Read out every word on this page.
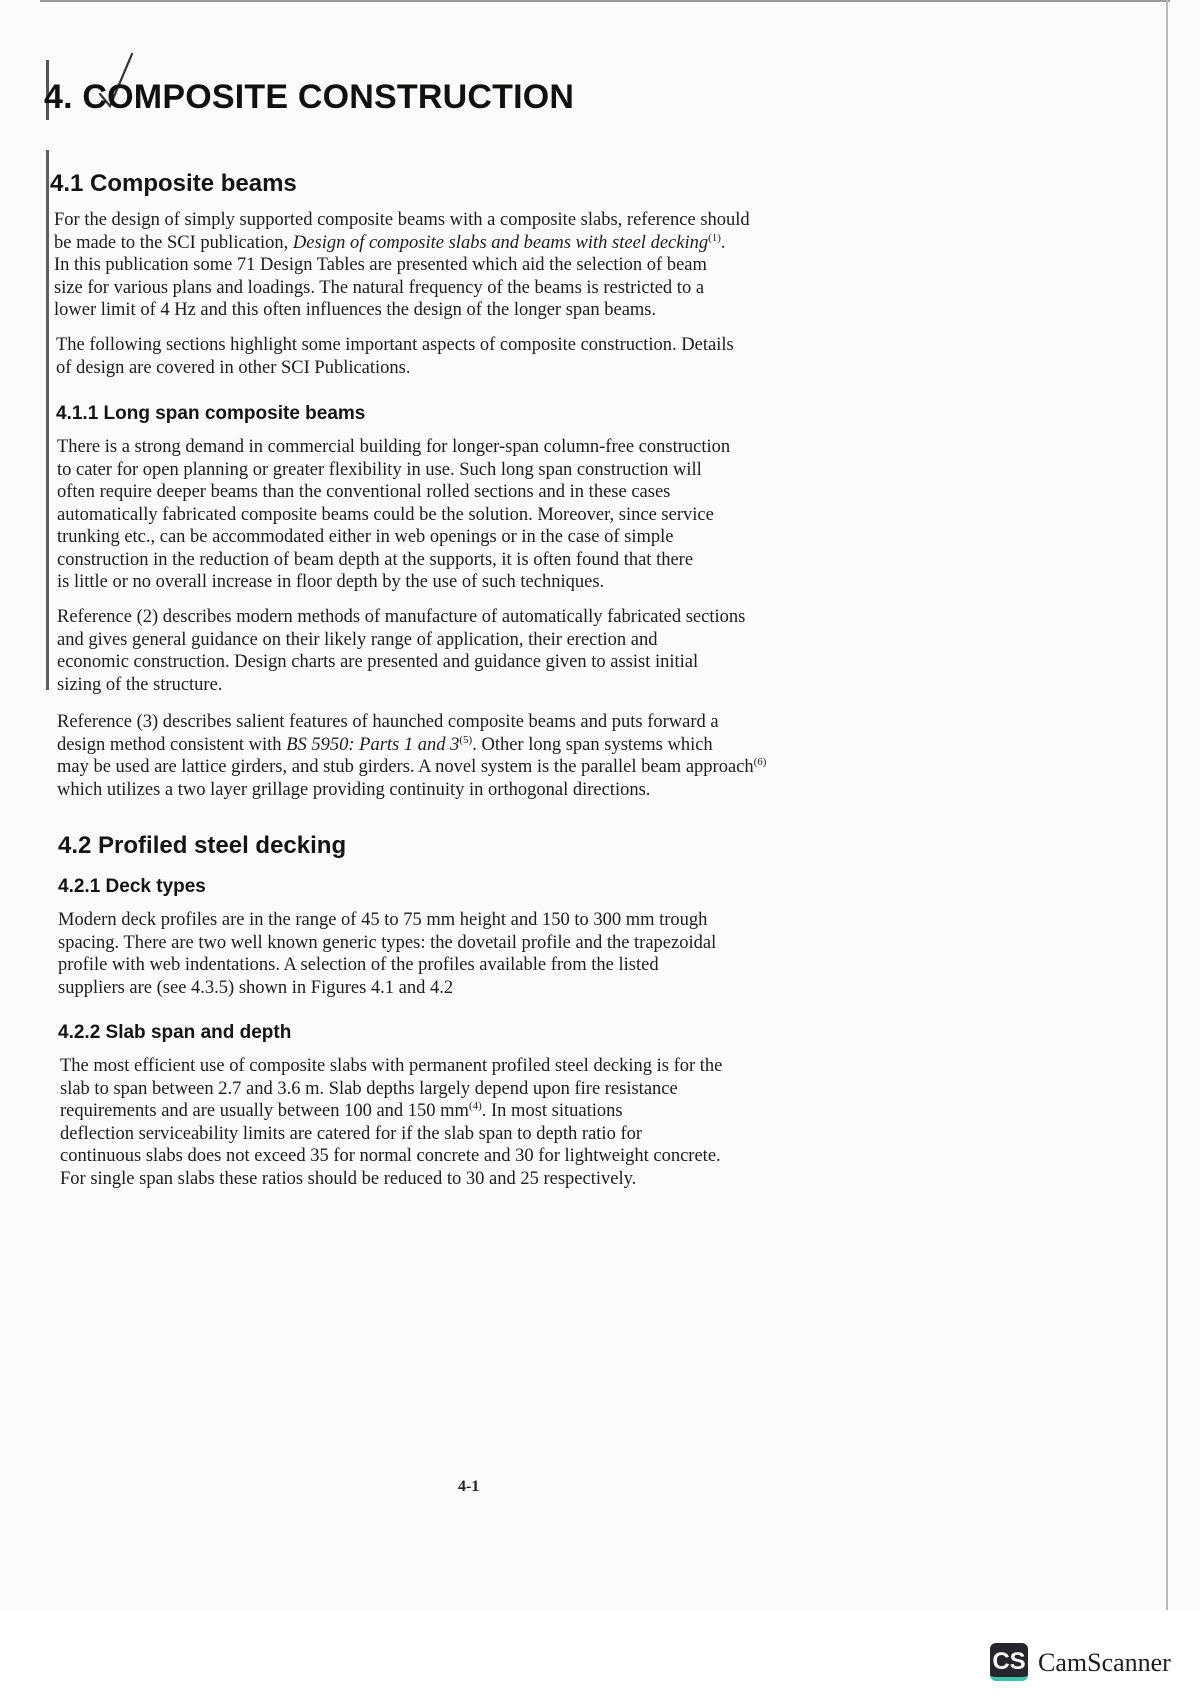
4. COMPOSITE CONSTRUCTION
4.1 Composite beams
For the design of simply supported composite beams with a composite slabs, reference should
be made to the SCI publication, Design of composite slabs and beams with steel decking$^{(1)}$.
In this publication some 71 Design Tables are presented which aid the selection of beam
size for various plans and loadings. The natural frequency of the beams is restricted to a
lower limit of 4 Hz and this often influences the design of the longer span beams.
The following sections highlight some important aspects of composite construction. Details
of design are covered in other SCI Publications.
4.1.1 Long span composite beams
There is a strong demand in commercial building for longer-span column-free construction
to cater for open planning or greater flexibility in use. Such long span construction will
often require deeper beams than the conventional rolled sections and in these cases
automatically fabricated composite beams could be the solution. Moreover, since service
trunking etc., can be accommodated either in web openings or in the case of simple
construction in the reduction of beam depth at the supports, it is often found that there
is little or no overall increase in floor depth by the use of such techniques.
Reference (2) describes modern methods of manufacture of automatically fabricated sections
and gives general guidance on their likely range of application, their erection and
economic construction. Design charts are presented and guidance given to assist initial
sizing of the structure.
Reference (3) describes salient features of haunched composite beams and puts forward a
design method consistent with BS 5950: Parts 1 and 3$^{(5)}$. Other long span systems which
may be used are lattice girders, and stub girders. A novel system is the parallel beam approach$^{(6)}$
which utilizes a two layer grillage providing continuity in orthogonal directions.
4.2 Profiled steel decking
4.2.1 Deck types
Modern deck profiles are in the range of 45 to 75 mm height and 150 to 300 mm trough
spacing. There are two well known generic types: the dovetail profile and the trapezoidal
profile with web indentations. A selection of the profiles available from the listed
suppliers are (see 4.3.5) shown in Figures 4.1 and 4.2
4.2.2 Slab span and depth
The most efficient use of composite slabs with permanent profiled steel decking is for the
slab to span between 2.7 and 3.6 m. Slab depths largely depend upon fire resistance
requirements and are usually between 100 and 150 $mm^{(4)}$. In most situations
deflection serviceability limits are catered for if the slab span to depth ratio for
continuous slabs does not exceed 35 for normal concrete and 30 for lightweight concrete.
For single span slabs these ratios should be reduced to 30 and 25 respectively.
4-1
CS CamScanner
